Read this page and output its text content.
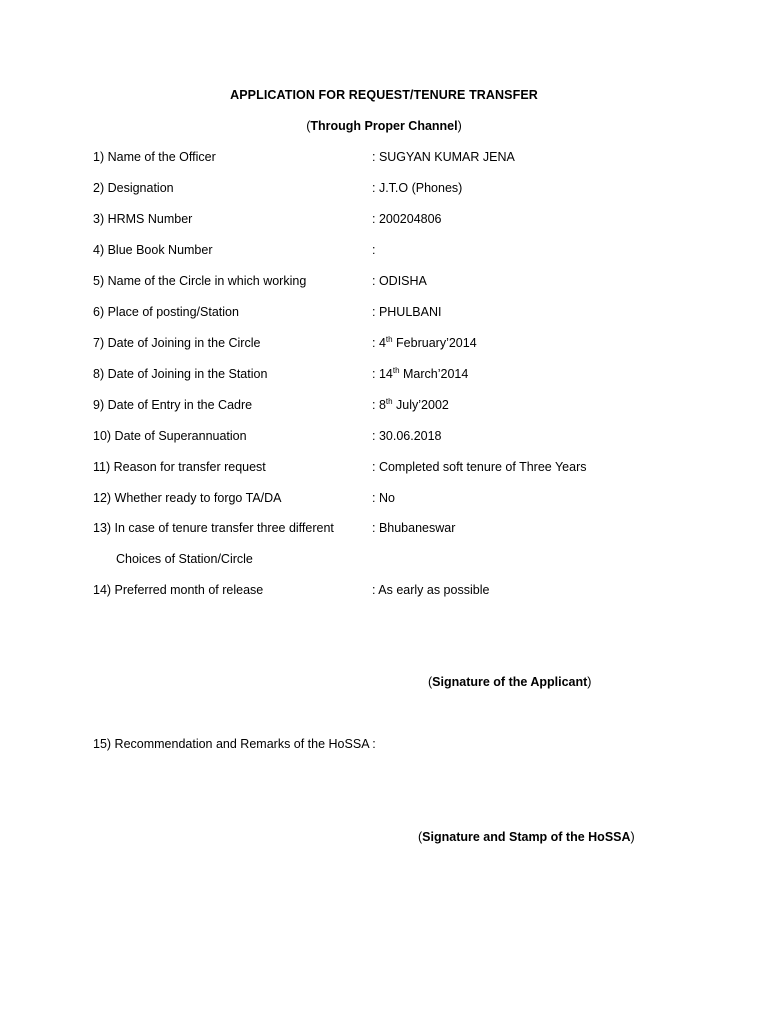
APPLICATION FOR REQUEST/TENURE TRANSFER
(Through Proper Channel)
1) Name of the Officer	: SUGYAN KUMAR JENA
2) Designation	: J.T.O (Phones)
3) HRMS Number	: 200204806
4) Blue Book Number	:
5) Name of the Circle in which working	: ODISHA
6) Place of posting/Station	: PHULBANI
7) Date of Joining in the Circle	: 4th February’2014
8) Date of Joining in the Station	: 14th March’2014
9) Date of Entry in the Cadre	: 8th July’2002
10) Date of Superannuation	: 30.06.2018
11) Reason for transfer request	: Completed soft tenure of Three Years
12) Whether ready to forgo TA/DA	: No
13) In case of tenure transfer three different	: Bhubaneswar
Choices of Station/Circle
14) Preferred month of release	: As early as possible
(Signature of the Applicant)
15) Recommendation and Remarks of the HoSSA :
(Signature and Stamp of the HoSSA)
